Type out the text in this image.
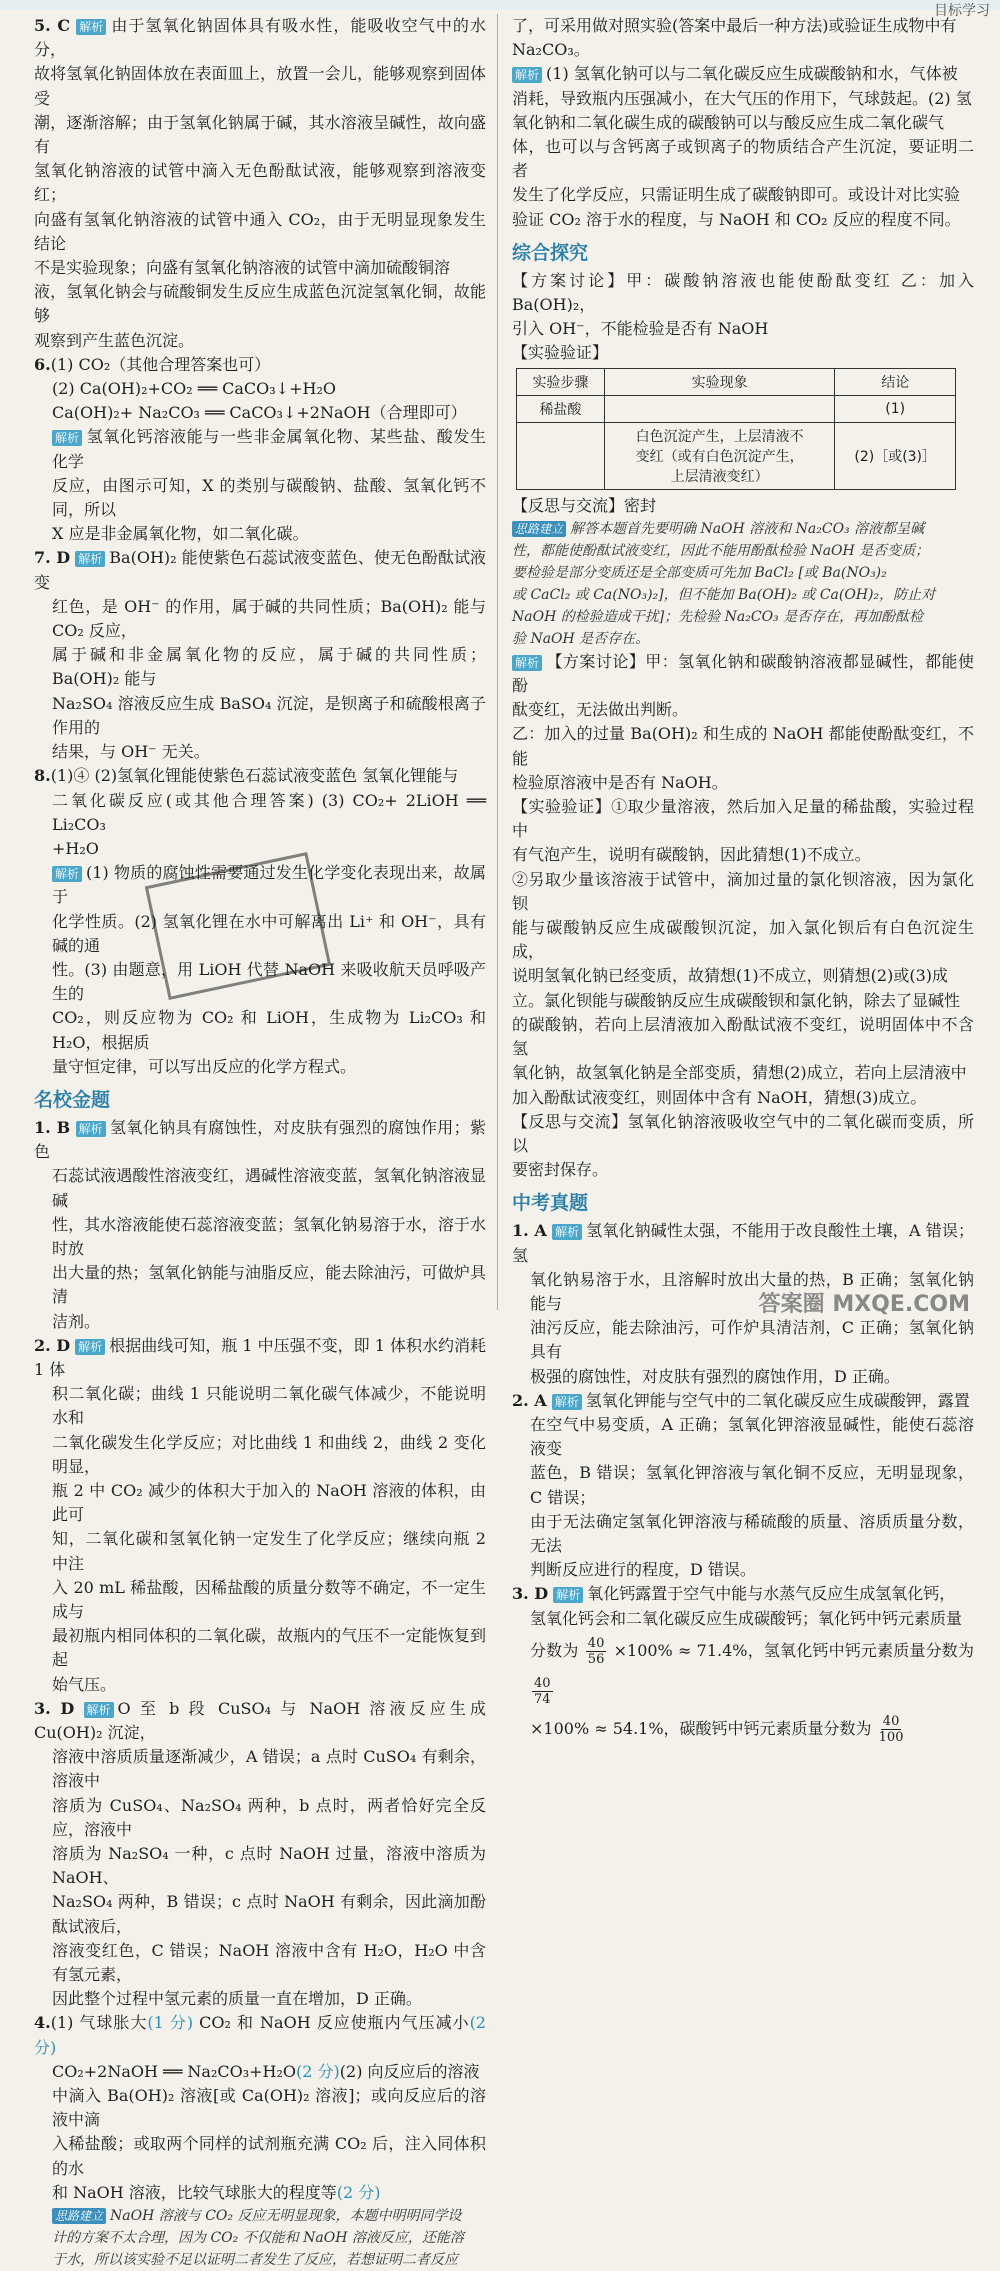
目标学习

5. C 解析 由于氢氧化钠固体具有吸水性，能吸收空气中的水分，

故将氢氧化钠固体放在表面皿上，放置一会儿，能够观察到固体受

潮，逐渐溶解；由于氢氧化钠属于碱，其水溶液呈碱性，故向盛有

氢氧化钠溶液的试管中滴入无色酚酞试液，能够观察到溶液变红；

向盛有氢氧化钠溶液的试管中通入 CO₂，由于无明显现象发生结论

不是实验现象；向盛有氢氧化钠溶液的试管中滴加硫酸铜溶

液，氢氧化钠会与硫酸铜发生反应生成蓝色沉淀氢氧化铜，故能够

观察到产生蓝色沉淀。

6.(1) CO₂（其他合理答案也可）

(2) Ca(OH)₂+CO₂ ══ CaCO₃↓+H₂O

Ca(OH)₂+ Na₂CO₃ ══ CaCO₃↓+2NaOH（合理即可）

解析 氢氧化钙溶液能与一些非金属氧化物、某些盐、酸发生化学

反应，由图示可知，X 的类别与碳酸钠、盐酸、氢氧化钙不同，所以

X 应是非金属氧化物，如二氧化碳。

7. D 解析 Ba(OH)₂ 能使紫色石蕊试液变蓝色、使无色酚酞试液变

红色，是 OH⁻ 的作用，属于碱的共同性质；Ba(OH)₂ 能与 CO₂ 反应，

属于碱和非金属氧化物的反应，属于碱的共同性质；Ba(OH)₂ 能与

Na₂SO₄ 溶液反应生成 BaSO₄ 沉淀，是钡离子和硫酸根离子作用的

结果，与 OH⁻ 无关。

8.(1)④ (2)氢氧化锂能使紫色石蕊试液变蓝色 氢氧化锂能与

二氧化碳反应(或其他合理答案) (3) CO₂+ 2LiOH ══ Li₂CO₃

+H₂O

解析 (1) 物质的腐蚀性需要通过发生化学变化表现出来，故属于

化学性质。(2) 氢氧化锂在水中可解离出 Li⁺ 和 OH⁻，具有碱的通

性。(3) 由题意，用 LiOH 代替 NaOH 来吸收航天员呼吸产生的

CO₂，则反应物为 CO₂ 和 LiOH，生成物为 Li₂CO₃ 和 H₂O，根据质

量守恒定律，可以写出反应的化学方程式。

名校金题

1. B 解析 氢氧化钠具有腐蚀性，对皮肤有强烈的腐蚀作用；紫色

石蕊试液遇酸性溶液变红，遇碱性溶液变蓝，氢氧化钠溶液显碱

性，其水溶液能使石蕊溶液变蓝；氢氧化钠易溶于水，溶于水时放

出大量的热；氢氧化钠能与油脂反应，能去除油污，可做炉具清

洁剂。

2. D 解析 根据曲线可知，瓶 1 中压强不变，即 1 体积水约消耗 1 体

积二氧化碳；曲线 1 只能说明二氧化碳气体减少，不能说明水和

二氧化碳发生化学反应；对比曲线 1 和曲线 2，曲线 2 变化明显，

瓶 2 中 CO₂ 减少的体积大于加入的 NaOH 溶液的体积，由此可

知，二氧化碳和氢氧化钠一定发生了化学反应；继续向瓶 2 中注

入 20 mL 稀盐酸，因稀盐酸的质量分数等不确定，不一定生成与

最初瓶内相同体积的二氧化碳，故瓶内的气压不一定能恢复到起

始气压。

3. D 解析 O 至 b 段 CuSO₄ 与 NaOH 溶液反应生成 Cu(OH)₂ 沉淀，

溶液中溶质质量逐渐减少，A 错误；a 点时 CuSO₄ 有剩余，溶液中

溶质为 CuSO₄、Na₂SO₄ 两种，b 点时，两者恰好完全反应，溶液中

溶质为 Na₂SO₄ 一种，c 点时 NaOH 过量，溶液中溶质为 NaOH、

Na₂SO₄ 两种，B 错误；c 点时 NaOH 有剩余，因此滴加酚酞试液后，

溶液变红色，C 错误；NaOH 溶液中含有 H₂O，H₂O 中含有氢元素，

因此整个过程中氢元素的质量一直在增加，D 正确。

4.(1) 气球胀大(1 分) CO₂ 和 NaOH 反应使瓶内气压减小(2 分)

CO₂+2NaOH ══ Na₂CO₃+H₂O(2 分)(2) 向反应后的溶液

中滴入 Ba(OH)₂ 溶液[或 Ca(OH)₂ 溶液]；或向反应后的溶液中滴

入稀盐酸；或取两个同样的试剂瓶充满 CO₂ 后，注入同体积的水

和 NaOH 溶液，比较气球胀大的程度等(2 分)

思路建立 NaOH 溶液与 CO₂ 反应无明显现象，本题中明明同学设

计的方案不太合理，因为 CO₂ 不仅能和 NaOH 溶液反应，还能溶

于水，所以该实验不足以证明二者发生了反应，若想证明二者反应

了，可采用做对照实验(答案中最后一种方法)或验证生成物中有

Na₂CO₃。

解析 (1) 氢氧化钠可以与二氧化碳反应生成碳酸钠和水，气体被

消耗，导致瓶内压强减小，在大气压的作用下，气球鼓起。(2) 氢

氧化钠和二氧化碳生成的碳酸钠可以与酸反应生成二氧化碳气

体，也可以与含钙离子或钡离子的物质结合产生沉淀，要证明二者

发生了化学反应，只需证明生成了碳酸钠即可。或设计对比实验

验证 CO₂ 溶于水的程度，与 NaOH 和 CO₂ 反应的程度不同。

综合探究

【方案讨论】甲：碳酸钠溶液也能使酚酞变红 乙：加入 Ba(OH)₂，

引入 OH⁻，不能检验是否有 NaOH

【实验验证】

实验步骤	实验现象	结论
稀盐酸		(1)

	白色沉淀产生，上层清液不
变红（或有白色沉淀产生，
上层清液变红）	(2)［或(3)］

【反思与交流】密封

思路建立 解答本题首先要明确 NaOH 溶液和 Na₂CO₃ 溶液都呈碱

性，都能使酚酞试液变红，因此不能用酚酞检验 NaOH 是否变质；

要检验是部分变质还是全部变质可先加 BaCl₂ [或 Ba(NO₃)₂

或 CaCl₂ 或 Ca(NO₃)₂]，但不能加 Ba(OH)₂ 或 Ca(OH)₂，防止对

NaOH 的检验造成干扰]；先检验 Na₂CO₃ 是否存在，再加酚酞检

验 NaOH 是否存在。

解析 【方案讨论】甲：氢氧化钠和碳酸钠溶液都显碱性，都能使酚

酞变红，无法做出判断。

乙：加入的过量 Ba(OH)₂ 和生成的 NaOH 都能使酚酞变红，不能

检验原溶液中是否有 NaOH。

【实验验证】①取少量溶液，然后加入足量的稀盐酸，实验过程中

有气泡产生，说明有碳酸钠，因此猜想(1)不成立。

②另取少量该溶液于试管中，滴加过量的氯化钡溶液，因为氯化钡

能与碳酸钠反应生成碳酸钡沉淀，加入氯化钡后有白色沉淀生成，

说明氢氧化钠已经变质，故猜想(1)不成立，则猜想(2)或(3)成

立。氯化钡能与碳酸钠反应生成碳酸钡和氯化钠，除去了显碱性

的碳酸钠，若向上层清液加入酚酞试液不变红，说明固体中不含氢

氧化钠，故氢氧化钠是全部变质，猜想(2)成立，若向上层清液中

加入酚酞试液变红，则固体中含有 NaOH，猜想(3)成立。

【反思与交流】氢氧化钠溶液吸收空气中的二氧化碳而变质，所以

要密封保存。

中考真题

1. A 解析 氢氧化钠碱性太强，不能用于改良酸性土壤，A 错误；氢

氧化钠易溶于水，且溶解时放出大量的热，B 正确；氢氧化钠能与

油污反应，能去除油污，可作炉具清洁剂，C 正确；氢氧化钠具有

极强的腐蚀性，对皮肤有强烈的腐蚀作用，D 正确。

2. A 解析 氢氧化钾能与空气中的二氧化碳反应生成碳酸钾，露置

在空气中易变质，A 正确；氢氧化钾溶液显碱性，能使石蕊溶液变

蓝色，B 错误；氢氧化钾溶液与氧化铜不反应，无明显现象，C 错误；

由于无法确定氢氧化钾溶液与稀硫酸的质量、溶质质量分数，无法

判断反应进行的程度，D 错误。

3. D 解析 氧化钙露置于空气中能与水蒸气反应生成氢氧化钙，

氢氧化钙会和二氧化碳反应生成碳酸钙；氧化钙中钙元素质量

分数为 $\frac{40}{56} \times 100\% \approx 71.4\%$，氢氧化钙中钙元素质量分数为
$\frac{40}{74}$

×100% ≈ 54.1%，碳酸钙中钙元素质量分数为 $\frac{40}{100}$

答案圈 MXQE.COM
